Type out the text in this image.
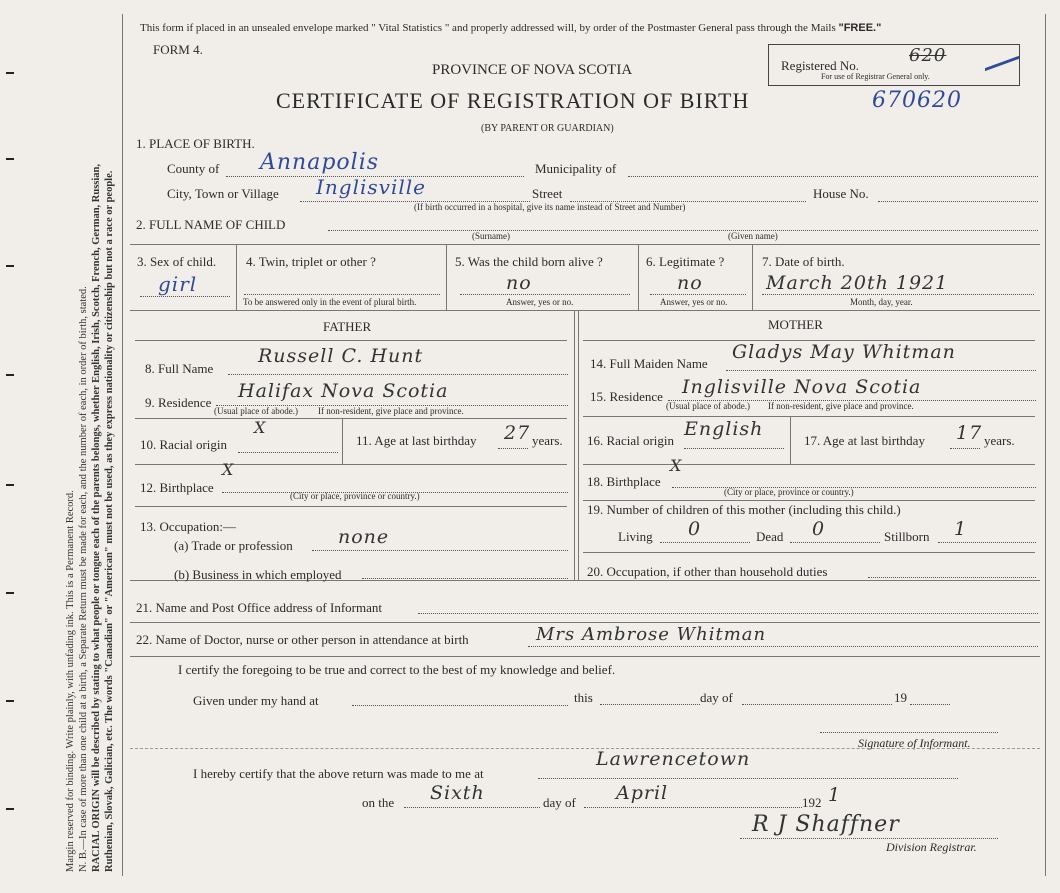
Margin reserved for binding. Write plainly, with unfading ink. This is a Permanent Record. N. B.—In case of more than one child at a birth, a Separate Return must be made for each, and the number of each, in order of birth, stated. RACIAL ORIGIN will be described by stating to what people or tongue each of the parents belongs, whether English, Irish, Scotch, French, German, Russian, Ruthenian, Slovak, Galician, etc. The words "Canadian" or "American" must not be used, as they express nationality or citizenship but not a race or people.
This form if placed in an unsealed envelope marked " Vital Statistics " and properly addressed will, by order of the Postmaster General pass through the Mails "FREE."
FORM 4.
PROVINCE OF NOVA SCOTIA
CERTIFICATE OF REGISTRATION OF BIRTH	670620
(BY PARENT OR GUARDIAN)
Registered No.	620
For use of Registrar General only.
1. PLACE OF BIRTH.
County of Annapolis	Municipality of
City, Town or Village Inglisville	Street	House No.
(If birth occurred in a hospital, give its name instead of Street and Number)
2. FULL NAME OF CHILD
(Surname)	(Given name)
3. Sex of child.
girl
4. Twin, triplet or other ?
To be answered only in the event of plural birth.
5. Was the child born alive ?
no
Answer, yes or no.
6. Legitimate ?
no
Answer, yes or no.
7. Date of birth.
March 20th 1921
Month, day, year.
FATHER	MOTHER
8. Full Name
Russell C. Hunt
9. Residence
Halifax Nova Scotia
(Usual place of abode.) If non-resident, give place and province.
10. Racial origin
X
11. Age at last birthday 27 years.
12. Birthplace
X
(City or place, province or country.)
13. Occupation:—
(a) Trade or profession none
(b) Business in which employed
14. Full Maiden Name
Gladys May Whitman
15. Residence Inglisville Nova Scotia
(Usual place of abode.) If non-resident, give place and province.
16. Racial origin
English
17. Age at last birthday 17 years.
18. Birthplace
X
(City or place, province or country.)
19. Number of children of this mother (including this child.)
Living 0	Dead 0	Stillborn 1
20. Occupation, if other than household duties
21. Name and Post Office address of Informant
22. Name of Doctor, nurse or other person in attendance at birth	Mrs Ambrose Whitman
I certify the foregoing to be true and correct to the best of my knowledge and belief.
Given under my hand at	this	day of	19
Signature of Informant.
I hereby certify that the above return was made to me at
Lawrencetown
on the Sixth	day of April	192 1
R J Shaffner
Division Registrar.
